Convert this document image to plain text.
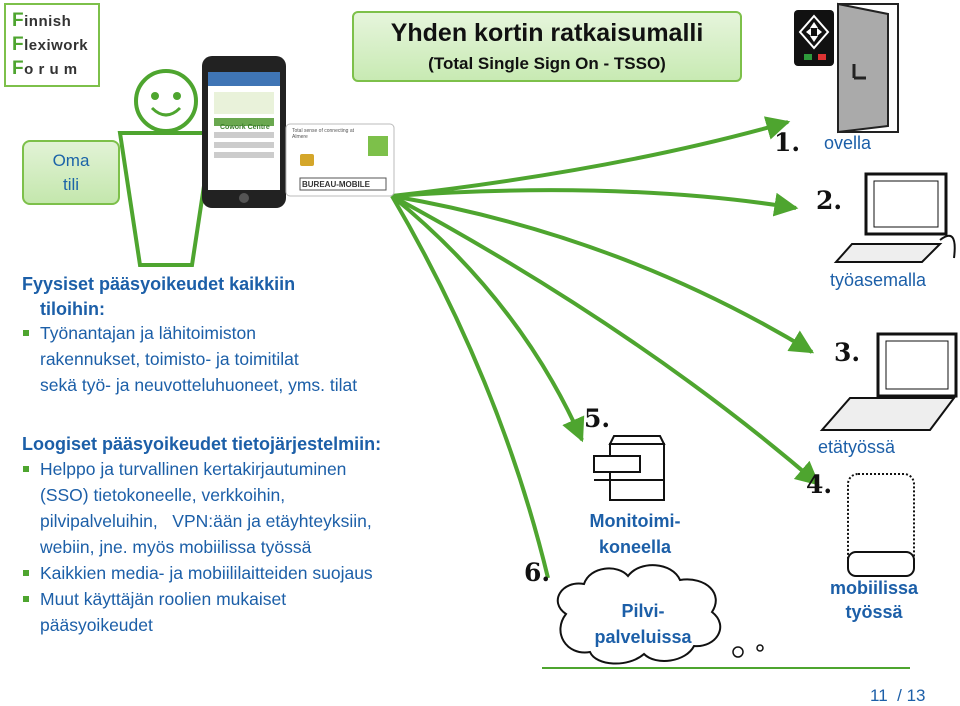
Finnish
Flexiwork
Fo r u m
Yhden kortin ratkaisumalli
(Total Single Sign On - TSSO)
Oma
tili
Cowork Centre	Total sense of connecting at Almere
BUREAU-MOBILE
Fyysiset pääsyoikeudet kaikkiin
tiloihin:
Työnantajan ja lähitoimiston
rakennukset, toimisto- ja toimitilat
sekä työ- ja neuvotteluhuoneet, yms. tilat
Loogiset pääsyoikeudet tietojärjestelmiin:
Helppo ja turvallinen kertakirjautuminen
(SSO) tietokoneelle, verkkoihin,
pilvipalveluihin,   VPN:ään ja etäyhteyksiin,
webiin, jne. myös mobiilissa työssä
Kaikkien media- ja mobiililaitteiden suojaus
Muut käyttäjän roolien mukaiset
pääsyoikeudet
1. ovella
2.
työasemalla
3.
etätyössä
4.
mobiilissa
työssä
5.
Monitoimi-
koneella
6.
Pilvi-
palveluissa
11 / 13
